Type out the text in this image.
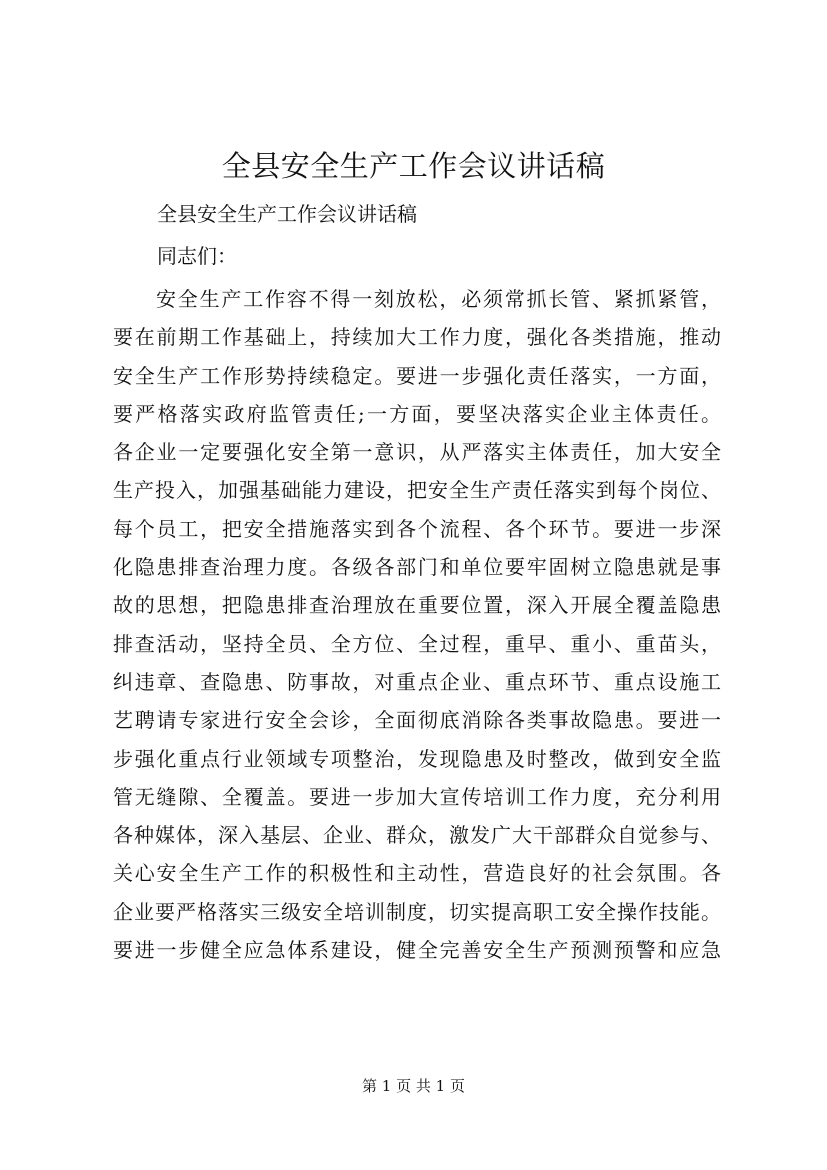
全县安全生产工作会议讲话稿

全县安全生产工作会议讲话稿

同志们：

安全生产工作容不得一刻放松，必须常抓长管、紧抓紧管，
要在前期工作基础上，持续加大工作力度，强化各类措施，推动
安全生产工作形势持续稳定。要进一步强化责任落实，一方面，
要严格落实政府监管责任;一方面，要坚决落实企业主体责任。
各企业一定要强化安全第一意识，从严落实主体责任，加大安全
生产投入，加强基础能力建设，把安全生产责任落实到每个岗位、
每个员工，把安全措施落实到各个流程、各个环节。要进一步深
化隐患排查治理力度。各级各部门和单位要牢固树立隐患就是事
故的思想，把隐患排查治理放在重要位置，深入开展全覆盖隐患
排查活动，坚持全员、全方位、全过程，重早、重小、重苗头，
纠违章、查隐患、防事故，对重点企业、重点环节、重点设施工
艺聘请专家进行安全会诊，全面彻底消除各类事故隐患。要进一
步强化重点行业领域专项整治，发现隐患及时整改，做到安全监
管无缝隙、全覆盖。要进一步加大宣传培训工作力度，充分利用
各种媒体，深入基层、企业、群众，激发广大干部群众自觉参与、
关心安全生产工作的积极性和主动性，营造良好的社会氛围。各
企业要严格落实三级安全培训制度，切实提高职工安全操作技能。
要进一步健全应急体系建设，健全完善安全生产预测预警和应急

第 1 页 共 1 页
